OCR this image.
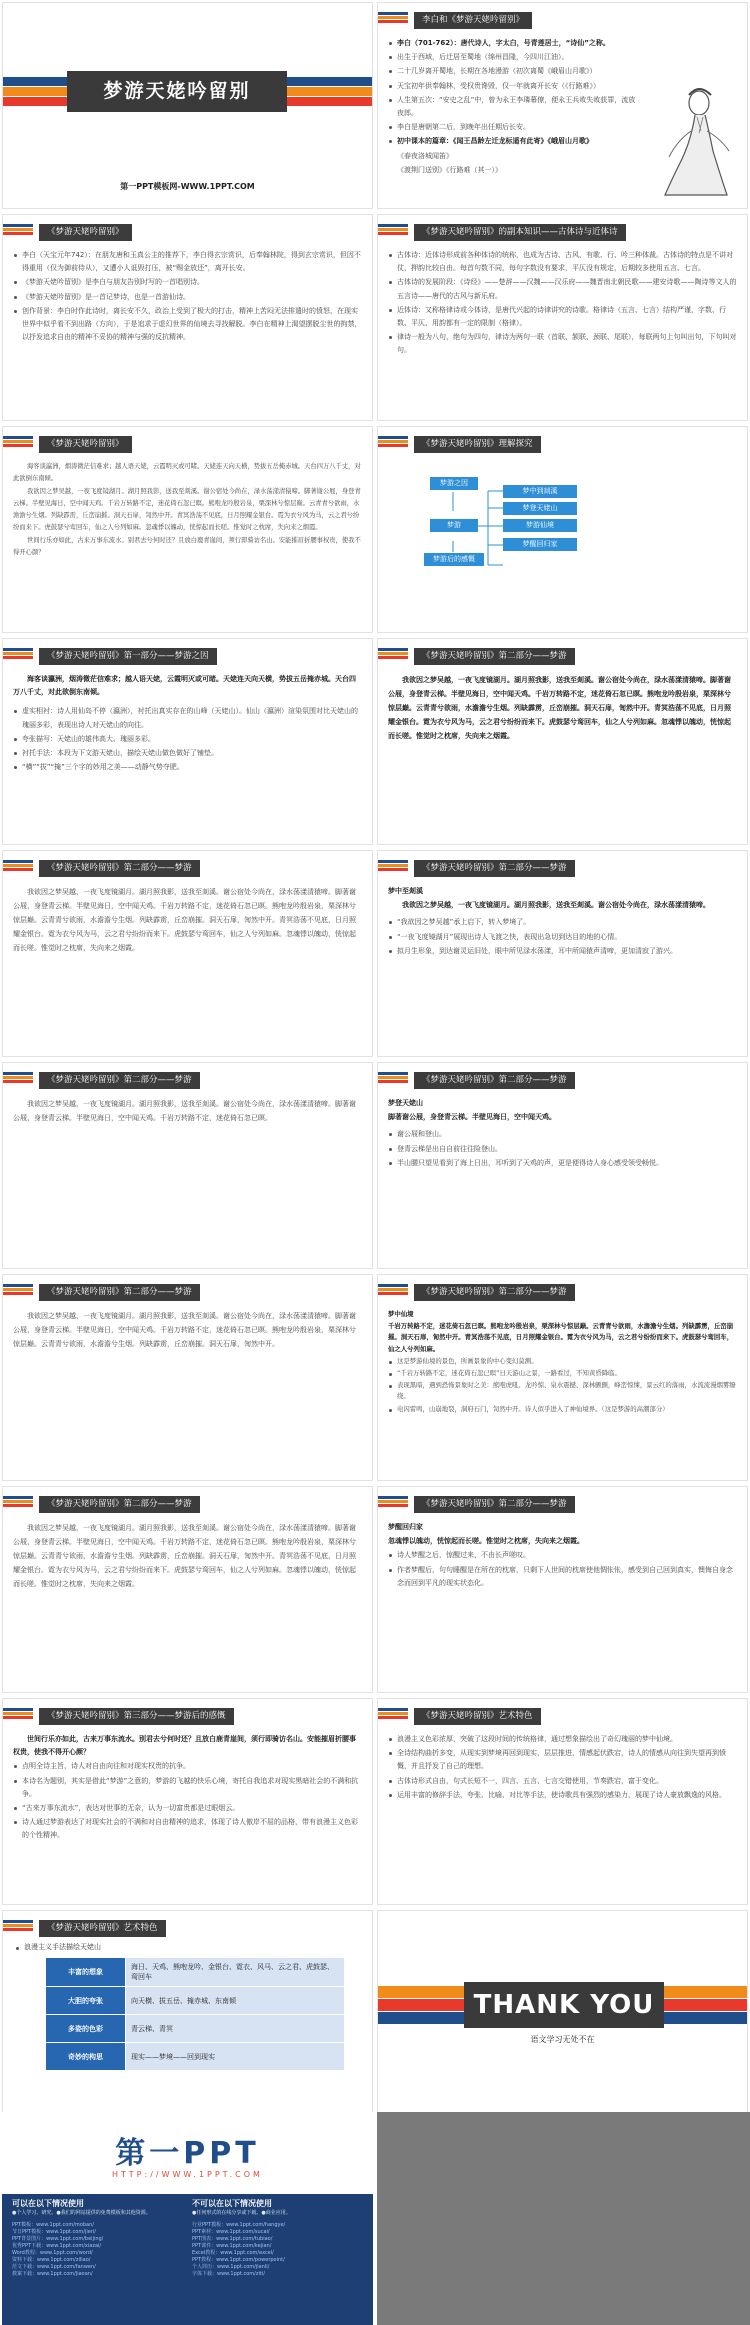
梦游天姥吟留别
第一PPT模板网-WWW.1PPT.COM
李白和《梦游天姥吟留别》

李白（701-762）：唐代诗人，字太白，号青莲居士，“诗仙”之称。

出生于西域，后迁居至蜀地（绵州昌隆，今四川江油）。

二十几岁离开蜀地，长期在各地漫游（初次离蜀《峨眉山月歌》）

天宝初年供奉翰林，受权贵谗毁，仅一年就离开长安（《行路难》）

人生第五次：“安史之乱”中，曾为永王李璘幕僚，便永王兵败失败获罪，流放夜郎。

李白是唐朝第二后，到晚年出任期后长安。

初中课本的篇章：《闻王昌龄左迁龙标遥有此寄》《峨眉山月歌》

《春夜洛城闻笛》

《渡荆门送别》《行路难（其一）》

《梦游天姥吟留别》

李白（天宝元年742）：在朋友唐和玉真公主的推荐下，李白得玄宗赏识，后奉翰林院，得到玄宗赏识，但因不得重用（仅为御前侍从），又遭小人诋毁打压，被“赐金放还”，离开长安。

《梦游天姥吟留别》是李白与朋友告别时写的一首唱别诗。

《梦游天姥吟留别》是一首记梦诗，也是一首游仙诗。

创作背景：李白时作此诗时，离长安不久，政治上受到了极大的打击，精神上苦闷无法排遣时的愤怒，在现实世界中似乎看不到出路（方向），于是追求于虚幻世界的仙境去寻找解脱。李白在精神上渴望摆脱尘世的拘禁，以抒发追求自由的精神不妥协的精神与强的反抗精神。

《梦游天姥吟留别》的副本知识——古体诗与近体诗

古体诗：近体诗形成前各种体诗的统称，也成为古诗、古风、有歌、行、吟三种体裁。古体诗的特点是不讲对仗，押韵比较自由。每首句数不同，每句字数没有要求，平仄没有规定，后期较多使用五言、七言。

古体诗的发展阶段：《诗经》——楚辞——汉魏——汉乐府——魏晋南北朝民歌——建安诗歌——陶诗等文人的五言诗——唐代的古风与新乐府。

近体诗：又称格律诗或今体诗，是唐代兴起的诗律讲究的诗歌。格律诗（五言、七言）结构严谨，字数、行数、平仄、用韵都有一定的限制（格律）。

律诗一般为八句，绝句为四句，律诗为两句一联（首联、颔联、颈联、尾联），每联两句上句叫出句，下句叫对句。

《梦游天姥吟留别》

海客谈瀛洲，烟涛微茫信难求；越人语天姥，云霞明灭或可睹。天姥连天向天横，势拔五岳掩赤城。天台四万八千丈，对此欲倒东南倾。

我欲因之梦吴越，一夜飞度镜湖月。湖月照我影，送我至剡溪。谢公宿处今尚在，渌水荡漾清猿啼。脚著谢公屐，身登青云梯。半壁见海日，空中闻天鸡。千岩万转路不定，迷花倚石忽已暝。熊咆龙吟殷岩泉，栗深林兮惊层巅。云青青兮欲雨，水澹澹兮生烟。列缺霹雳，丘峦崩摧。洞天石扉，訇然中开。青冥浩荡不见底，日月照耀金银台。霓为衣兮风为马，云之君兮纷纷而来下。虎鼓瑟兮鸾回车，仙之人兮列如麻。忽魂悸以魄动，恍惊起而长嗟。惟觉时之枕席，失向来之烟霞。

世间行乐亦如此，古来万事东流水。别君去兮何时还？且放白鹿青崖间，须行即骑访名山。安能摧眉折腰事权贵，使我不得开心颜？

《梦游天姥吟留别》理解探究
梦游之因
梦游
梦游后的感慨
梦中到剡溪
梦登天姥山
梦游仙境
梦醒回归家
《梦游天姥吟留别》第一部分——梦游之因

海客谈瀛洲，烟涛微茫信难求；越人语天姥，云霞明灭或可睹。天姥连天向天横，势拔五岳掩赤城。天台四万八千丈，对此欲倒东南倾。

虚实相衬：诗人用仙岛不停（瀛洲），衬托出真实存在的山峰（天姥山）。仙山（瀛洲）渲染氛围对比天姥山的瑰丽多彩，表现出诗人对天姥山的向往。

夸张描写：天姥山的雄伟高大、瑰丽多彩。

衬托手法：本段为下文游天姥山，描绘天姥山做色做好了铺垫。

“横”“拔”“掩”三个字的妙用之美——动静气势夺肥。

《梦游天姥吟留别》第二部分——梦游

我欲因之梦吴越，一夜飞度镜湖月。湖月照我影，送我至剡溪。谢公宿处今尚在，渌水荡漾清猿啼。脚著谢公屐，身登青云梯。半壁见海日，空中闻天鸡。千岩万转路不定，迷花倚石忽已暝。熊咆龙吟殷岩泉，栗深林兮惊层巅。云青青兮欲雨，水澹澹兮生烟。列缺霹雳，丘峦崩摧。洞天石扉，訇然中开。青冥浩荡不见底，日月照耀金银台。霓为衣兮风为马，云之君兮纷纷而来下。虎鼓瑟兮鸾回车，仙之人兮列如麻。忽魂悸以魄动，恍惊起而长嗟。惟觉时之枕席，失向来之烟霞。

《梦游天姥吟留别》第二部分——梦游

我欲因之梦吴越，一夜飞度镜湖月。湖月照我影，送我至剡溪。谢公宿处今尚在，渌水荡漾清猿啼。脚著谢公屐，身登青云梯。半壁见海日，空中闻天鸡。千岩万转路不定，迷花倚石忽已暝。熊咆龙吟殷岩泉，栗深林兮惊层巅。云青青兮欲雨，水澹澹兮生烟。列缺霹雳，丘峦崩摧。洞天石扉，訇然中开。青冥浩荡不见底，日月照耀金银台。霓为衣兮风为马，云之君兮纷纷而来下。虎鼓瑟兮鸾回车，仙之人兮列如麻。忽魂悸以魄动，恍惊起而长嗟。惟觉时之枕席，失向来之烟霞。

《梦游天姥吟留别》第二部分——梦游

梦中至剡溪

我欲因之梦吴越，一夜飞度镜湖月。湖月照我影，送我至剡溪。谢公宿处今尚在，渌水荡漾清猿啼。

“我欲因之梦吴越”承上启下，转入梦境了。

“一夜飞度镜湖月”展现出诗人飞渡之快，表现出急切到达目的地的心情。

拟月生形象，到达谢灵运旧处，眼中所见渌水荡漾，耳中所闻猿声清啼，更加清寂了游兴。

《梦游天姥吟留别》第二部分——梦游

我欲因之梦吴越，一夜飞度镜湖月。湖月照我影，送我至剡溪。谢公宿处今尚在，渌水荡漾清猿啼。脚著谢公屐，身登青云梯。半壁见海日，空中闻天鸡。千岩万转路不定，迷花倚石忽已暝。

《梦游天姥吟留别》第二部分——梦游

梦登天姥山

脚著谢公屐，身登青云梯。半壁见海日，空中闻天鸡。

谢公屐和登山。

登青云梯是出自自前往往险登山。

半山腰只望见看到了海上日出，耳听到了天鸡的声，更是便得诗人身心感受领受畅悦。

《梦游天姥吟留别》第二部分——梦游

我欲因之梦吴越，一夜飞度镜湖月。湖月照我影，送我至剡溪。谢公宿处今尚在，渌水荡漾清猿啼。脚著谢公屐，身登青云梯。半壁见海日，空中闻天鸡。千岩万转路不定，迷花倚石忽已暝。熊咆龙吟殷岩泉，栗深林兮惊层巅。云青青兮欲雨，水澹澹兮生烟。列缺霹雳，丘峦崩摧。洞天石扉，訇然中开。

《梦游天姥吟留别》第二部分——梦游

梦中仙境

千岩万转路不定，迷花倚石忽已暝。熊咆龙吟殷岩泉，栗深林兮惊层巅。云青青兮欲雨，水澹澹兮生烟。列缺霹雳，丘峦崩摧。洞天石扉，訇然中开。青冥浩荡不见底，日月照耀金银台。霓为衣兮风为马，云之君兮纷纷而来下。虎鼓瑟兮鸾回车，仙之人兮列如麻。

这是梦游仙境的景色，所画景象的中心变幻莫测。

“千岩万转路不定，迷花倚石忽已暝”日天游山之景，一路看过，不知黄昏降临。

表现黑暗，遇到恐怖景象时之美：熊咆虎吼、龙吟惊、泉水震撼、深林颤颤，峰峦惊悚，景云红的落雨，水流流漫烟雾缭绕。

电闪雷鸣，山崩地裂，洞府石门，訇然中开。诗人似乎进入了神仙境界。（这是梦游的高潮部分）

《梦游天姥吟留别》第二部分——梦游

我欲因之梦吴越，一夜飞度镜湖月。湖月照我影，送我至剡溪。谢公宿处今尚在，渌水荡漾清猿啼。脚著谢公屐，身登青云梯。半壁见海日，空中闻天鸡。千岩万转路不定，迷花倚石忽已暝。熊咆龙吟殷岩泉，栗深林兮惊层巅。云青青兮欲雨，水澹澹兮生烟。列缺霹雳，丘峦崩摧。洞天石扉，訇然中开。青冥浩荡不见底，日月照耀金银台。霓为衣兮风为马，云之君兮纷纷而来下。虎鼓瑟兮鸾回车，仙之人兮列如麻。忽魂悸以魄动，恍惊起而长嗟。惟觉时之枕席，失向来之烟霞。

《梦游天姥吟留别》第二部分——梦游

梦醒回归家

忽魂悸以魄动，恍惊起而长嗟。惟觉时之枕席，失向来之烟霞。

诗人梦醒之后，惊醒过来，不由长声嗟叹。

作者梦醒后，句句睡醒是在所在的枕席，只剩下人世间的枕席使他惆怅怅，感受到自己回到真实，懊悔自身念念而回到平凡的现实状态化。

《梦游天姥吟留别》第三部分——梦游后的感慨

世间行乐亦如此，古来万事东流水。别君去兮何时还？且放白鹿青崖间，须行即骑访名山。安能摧眉折腰事权贵，使我不得开心颜？

点明全诗主旨，诗人对自由向往和对现实权贵的抗争。

本诗名为题别，其实是借此“梦游”之意的，梦游的飞越的快乐心境，寄托自我追求对现实黑暗社会的不满和抗争。

“古来万事东流水”，表达对世事的无奈，认为一切富贵都是过眼烟云。

诗人通过梦游表达了对现实社会的不满和对自由精神的追求，体现了诗人傲岸不屈的品格，带有浪漫主义色彩的个性精神。

《梦游天姥吟留别》艺术特色

浪漫主义色彩浓厚，突破了这段时间的传统格律，通过想象描绘出了奇幻瑰丽的梦中仙境。

全诗结构曲折多变，从现实到梦境再回到现实，层层推进，情感起伏跌宕，诗人的情感从向往到失望再到愤慨，并且抒发了自己的理想。

古体诗形式自由，句式长短不一，四言、五言、七言交错使用，节奏跌宕，富于变化。

运用丰富的修辞手法，夸张、比喻、对比等手法，使诗歌具有强烈的感染力，展现了诗人豪放飘逸的风格。

《梦游天姥吟留别》艺术特色

浪漫主义手法描绘天姥山

丰富的想象	海日、天鸡、熊咆龙吟、金银台、霓衣、风马、云之君、虎鼓瑟、鸾回车
大胆的夸张	向天横、拔五岳、掩赤城、东南倾
多姿的色彩	青云梯、青冥
奇妙的构思	现实——梦境——回到现实
THANK YOU
语文学习无处不在
第一PPT
HTTP://WWW.1PPT.COM
可以在以下情况使用
●个人学习、研究。●我们的网站提供的免费模板和其他资源。
PPT模板：www.1ppt.com/moban/
节日PPT模板：www.1ppt.com/jieri/
PPT背景图片：www.1ppt.com/beijing/
优秀PPT下载：www.1ppt.com/xiazai/
Word教程：www.1ppt.com/word/
资料下载：www.1ppt.com/ziliao/
范文下载：www.1ppt.com/fanwen/
教案下载：www.1ppt.com/jiaoan/
不可以在以下情况使用
●任何形式的在线分享或下载。●商业应用。
行业PPT模板：www.1ppt.com/hangye/
PPT素材：www.1ppt.com/sucai/
PPT图表：www.1ppt.com/tubiao/
PPT课件：www.1ppt.com/kejian/
Excel教程：www.1ppt.com/excel/
PPT教程：www.1ppt.com/powerpoint/
个人简历：www.1ppt.com/jianli/
字体下载：www.1ppt.com/ziti/
